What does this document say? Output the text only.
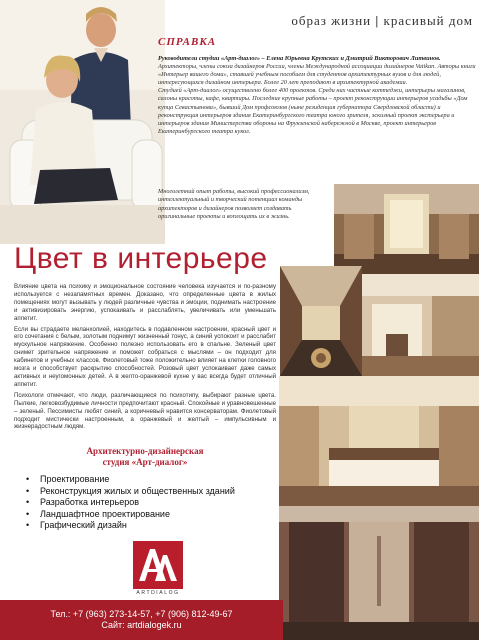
образ жизни | красивый дом
СПРАВКА

Руководители студии «Арт-диалог» – Елена Юрьевна Крутских и Дмитрий Викторович Литвинов. Архитекторы, члены союза дизайнеров России, члены Международной ассоциации дизайнеров Vatikan. Авторы книги «Интерьер вашего дома», ставшей учебным пособием для студентов архитектурных вузов и для людей, интересующихся дизайном интерьера. Более 20 лет преподают в архитектурной академии.

Студией «Арт-диалог» осуществлено более 400 проектов. Среди них частные коттеджи, интерьеры магазинов, салоны красоты, кафе, квартиры. Последние крупные работы – проект реконструкции интерьеров усадьбы «Дом купца Севастьянова», бывший Дом профсоюзов (ныне резиденция губернатора Свердловской области) и реконструкция интерьеров здания Екатеринбургского театра юного зрителя, эскизный проект экстерьера и интерьеров здания Министерства обороны на Фрунзенской набережной в Москве, проект интерьеров Екатеринбургского театра кукол.

Многолетний опыт работы, высокий профессионализм, интеллектуальный и творческий потенциал команды архитекторов и дизайнеров позволяет создавать оригинальные проекты и воплощать их в жизнь.

Цвет в интерьере

Влияние цвета на психику и эмоциональное состояние человека изучается и по-разному используется с незапамятных времен. Доказано, что определенные цвета в жилых помещениях могут вызывать у людей различные чувства и эмоции, поднимать настроение и активизировать энергию, успокаивать и расслаблять, увеличивать или уменьшать аппетит.

Если вы страдаете меланхолией, находитесь в подавленном настроении, красный цвет и его сочетания с белым, золотым поднимут жизненный тонус, а синий успокоит и расслабит мускульное напряжение. Особенно полезно использовать его в спальне. Зеленый цвет снимет зрительное напряжение и поможет собраться с мыслями – он подходит для кабинетов и учебных классов. Фиолетовый тоже положительно влияет на клетки головного мозга и способствует раскрытию способностей. Розовый цвет успокаивает даже самых активных и неугомонных детей. А в желто-оранжевой кухне у вас всегда будет отличный аппетит.

Психологи отмечают, что люди, различающиеся по психотипу, выбирают разные цвета. Пылкие, легковозбудимые личности предпочитают красный. Спокойные и уравновешенные – зеленый. Пессимисты любят синий, а коричневый нравится консерваторам. Фиолетовый подходит мистически настроенным, а оранжевый и желтый – импульсивным и жизнерадостным людям.

Архитектурно-дизайнерская
студия «Арт-диалог»
• Проектирование
• Реконструкция жилых и общественных зданий
• Разработка интерьеров
• Ландшафтное проектирование
• Графический дизайн
ARTDIALOG
Тел.: +7 (963) 273-14-57, +7 (906) 812-49-67
Сайт: artdialogek.ru
